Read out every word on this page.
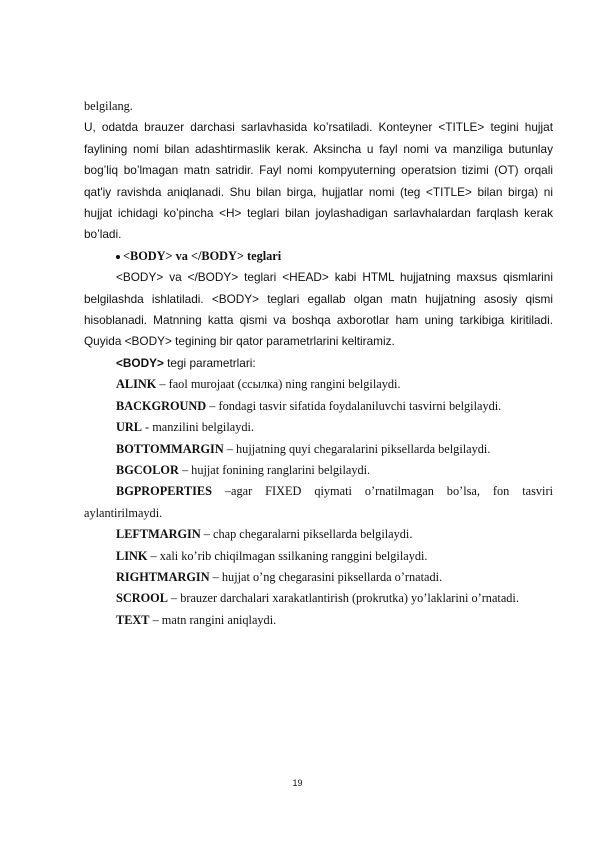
belgilang.

U, odatda brauzer darchasi sarlavhasida ko’rsatiladi. Konteyner <TITLE> tegini hujjat faylining nomi bilan adashtirmaslik kerak. Aksincha u fayl nomi va manziliga butunlay bog’liq bo’lmagan matn satridir. Fayl nomi kompyuterning operatsion tizimi (OT) orqali qat'iy ravishda aniqlanadi. Shu bilan birga, hujjatlar nomi (teg <TITLE> bilan birga) ni hujjat ichidagi ko’pincha <H> teglari bilan joylashadigan sarlavhalardan farqlash kerak bo’ladi.

<BODY> va </BODY> teglari

<BODY> va </BODY> teglari <HEAD> kabi HTML hujjatning maxsus qismlarini belgilashda ishlatiladi. <BODY> teglari egallab olgan matn hujjatning asosiy qismi hisoblanadi. Matnning katta qismi va boshqa axborotlar ham uning tarkibiga kiritiladi. Quyida <BODY> tegining bir qator parametrlarini keltiramiz.

<BODY> tegi parametrlari:

ALINK – faol murojaat (ссылка) ning rangini belgilaydi.

BACKGROUND – fondagi tasvir sifatida foydalaniluvchi tasvirni belgilaydi.

URL - manzilini belgilaydi.

BOTTOMMARGIN – hujjatning quyi chegaralarini piksellarda belgilaydi.

BGCOLOR – hujjat fonining ranglarini belgilaydi.

BGPROPERTIES –agar FIXED qiymati o’rnatilmagan bo’lsa, fon tasviri aylantirilmaydi.

LEFTMARGIN – chap chegaralarni piksellarda belgilaydi.

LINK – xali ko’rib chiqilmagan ssilkaning ranggini belgilaydi.

RIGHTMARGIN – hujjat o’ng chegarasini piksellarda o’rnatadi.

SCROOL – brauzer darchalari xarakatlantirish (prokrutka) yo’laklarini o’rnatadi.

TEXT – matn rangini aniqlaydi.

19
